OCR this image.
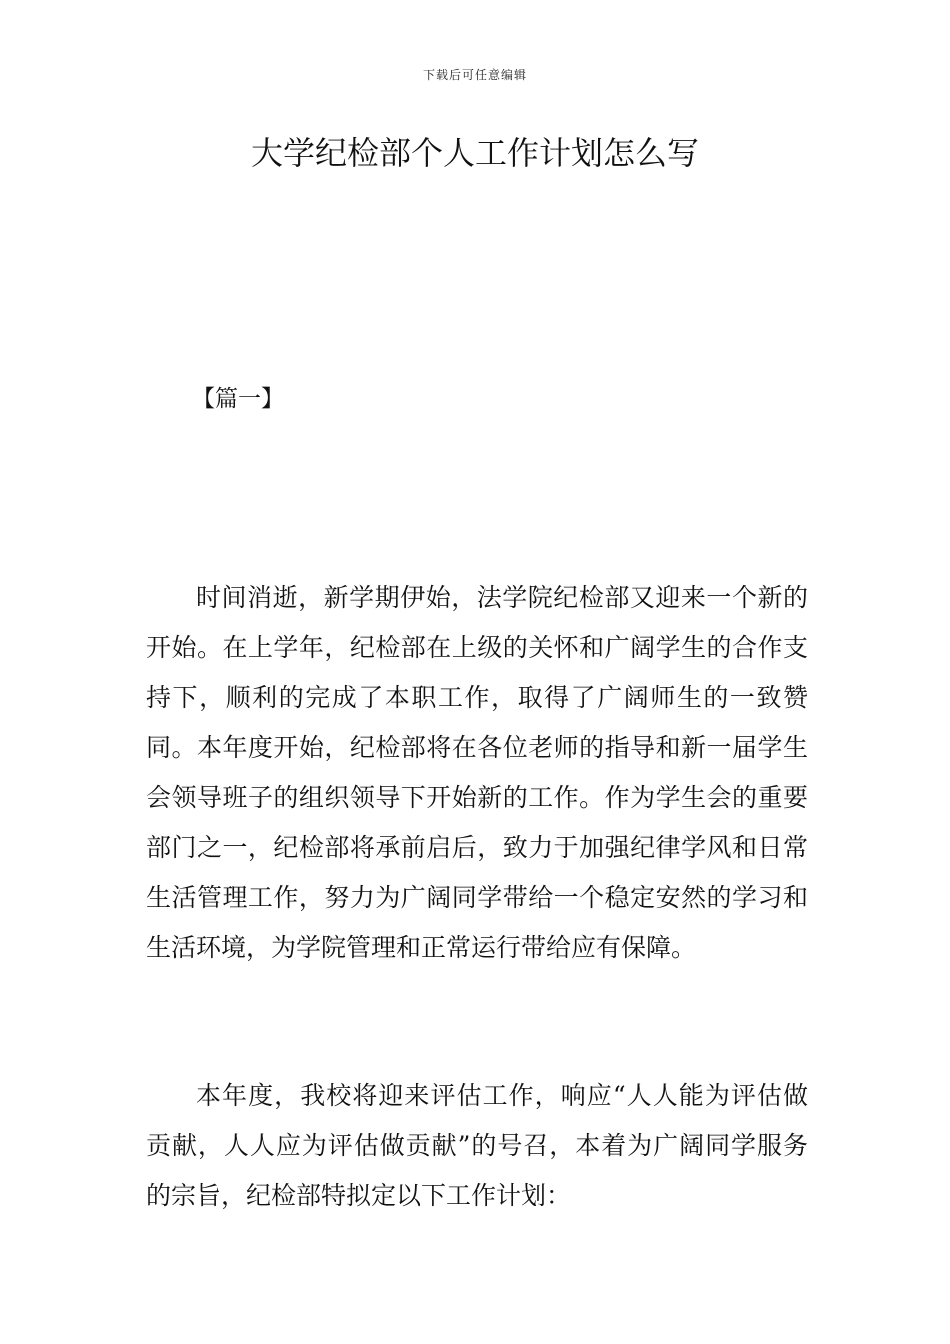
下载后可任意编辑
大学纪检部个人工作计划怎么写
【篇一】

时间消逝，新学期伊始，法学院纪检部又迎来一个新的开始。在上学年，纪检部在上级的关怀和广阔学生的合作支持下，顺利的完成了本职工作，取得了广阔师生的一致赞同。本年度开始，纪检部将在各位老师的指导和新一届学生会领导班子的组织领导下开始新的工作。作为学生会的重要部门之一，纪检部将承前启后，致力于加强纪律学风和日常生活管理工作，努力为广阔同学带给一个稳定安然的学习和生活环境，为学院管理和正常运行带给应有保障。

本年度，我校将迎来评估工作，响应“人人能为评估做贡献，人人应为评估做贡献”的号召，本着为广阔同学服务的宗旨，纪检部特拟定以下工作计划：
